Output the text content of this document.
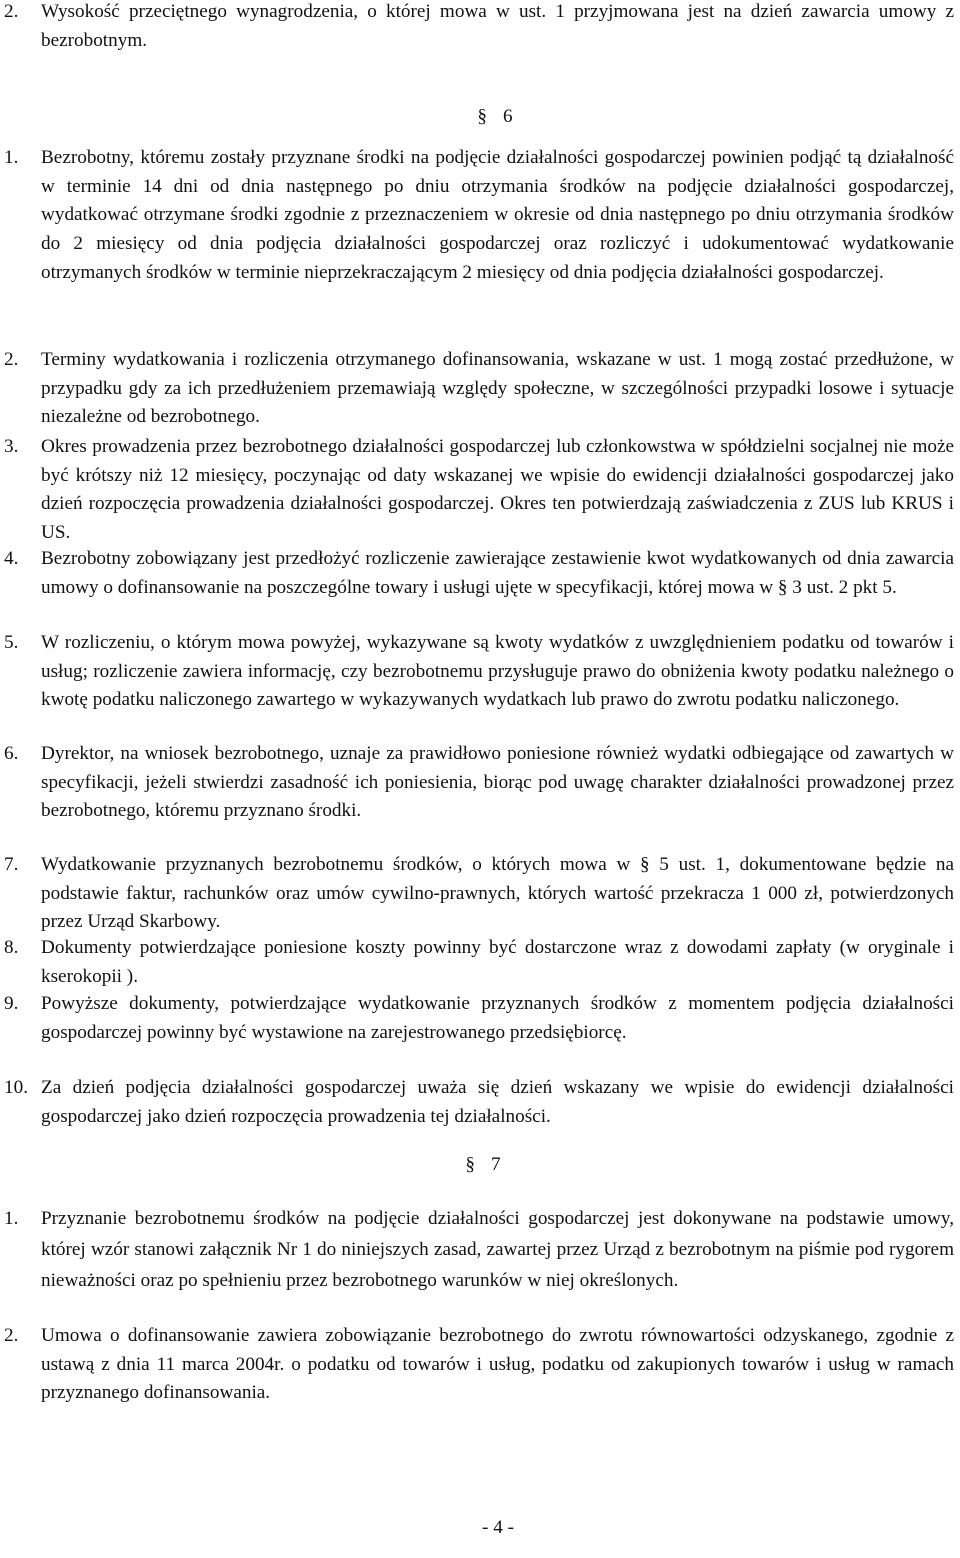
2. Wysokość przeciętnego wynagrodzenia, o której mowa w ust. 1 przyjmowana jest na dzień zawarcia umowy z bezrobotnym.
§ 6
1. Bezrobotny, któremu zostały przyznane środki na podjęcie działalności gospodarczej powinien podjąć tą działalność w terminie 14 dni od dnia następnego po dniu otrzymania środków na podjęcie działalności gospodarczej, wydatkować otrzymane środki zgodnie z przeznaczeniem w okresie od dnia następnego po dniu otrzymania środków do 2 miesięcy od dnia podjęcia działalności gospodarczej oraz rozliczyć i udokumentować wydatkowanie otrzymanych środków w terminie nieprzekraczającym 2 miesięcy od dnia podjęcia działalności gospodarczej.
2. Terminy wydatkowania i rozliczenia otrzymanego dofinansowania, wskazane w ust. 1 mogą zostać przedłużone, w przypadku gdy za ich przedłużeniem przemawiają względy społeczne, w szczególności przypadki losowe i sytuacje niezależne od bezrobotnego.
3. Okres prowadzenia przez bezrobotnego działalności gospodarczej lub członkowstwa w spółdzielni socjalnej nie może być krótszy niż 12 miesięcy, poczynając od daty wskazanej we wpisie do ewidencji działalności gospodarczej jako dzień rozpoczęcia prowadzenia działalności gospodarczej. Okres ten potwierdzają zaświadczenia z ZUS lub KRUS i US.
4. Bezrobotny zobowiązany jest przedłożyć rozliczenie zawierające zestawienie kwot wydatkowanych od dnia zawarcia umowy o dofinansowanie na poszczególne towary i usługi ujęte w specyfikacji, której mowa w § 3 ust. 2 pkt 5.
5. W rozliczeniu, o którym mowa powyżej, wykazywane są kwoty wydatków z uwzględnieniem podatku od towarów i usług; rozliczenie zawiera informację, czy bezrobotnemu przysługuje prawo do obniżenia kwoty podatku należnego o kwotę podatku naliczonego zawartego w wykazywanych wydatkach lub prawo do zwrotu podatku naliczonego.
6. Dyrektor, na wniosek bezrobotnego, uznaje za prawidłowo poniesione również wydatki odbiegające od zawartych w specyfikacji, jeżeli stwierdzi zasadność ich poniesienia, biorąc pod uwagę charakter działalności prowadzonej przez bezrobotnego, któremu przyznano środki.
7. Wydatkowanie przyznanych bezrobotnemu środków, o których mowa w § 5 ust. 1, dokumentowane będzie na podstawie faktur, rachunków oraz umów cywilno-prawnych, których wartość przekracza 1 000 zł, potwierdzonych przez Urząd Skarbowy.
8. Dokumenty potwierdzające poniesione koszty powinny być dostarczone wraz z dowodami zapłaty (w oryginale i kserokopii ).
9. Powyższe dokumenty, potwierdzające wydatkowanie przyznanych środków z momentem podjęcia działalności gospodarczej powinny być wystawione na zarejestrowanego przedsiębiorcę.
10. Za dzień podjęcia działalności gospodarczej uważa się dzień wskazany we wpisie do ewidencji działalności gospodarczej jako dzień rozpoczęcia prowadzenia tej działalności.
§ 7
1. Przyznanie bezrobotnemu środków na podjęcie działalności gospodarczej jest dokonywane na podstawie umowy, której wzór stanowi załącznik Nr 1 do niniejszych zasad, zawartej przez Urząd z bezrobotnym na piśmie pod rygorem nieważności oraz po spełnieniu przez bezrobotnego warunków w niej określonych.
2. Umowa o dofinansowanie zawiera zobowiązanie bezrobotnego do zwrotu równowartości odzyskanego, zgodnie z ustawą z dnia 11 marca 2004r. o podatku od towarów i usług, podatku od zakupionych towarów i usług w ramach przyznanego dofinansowania.
- 4 -
